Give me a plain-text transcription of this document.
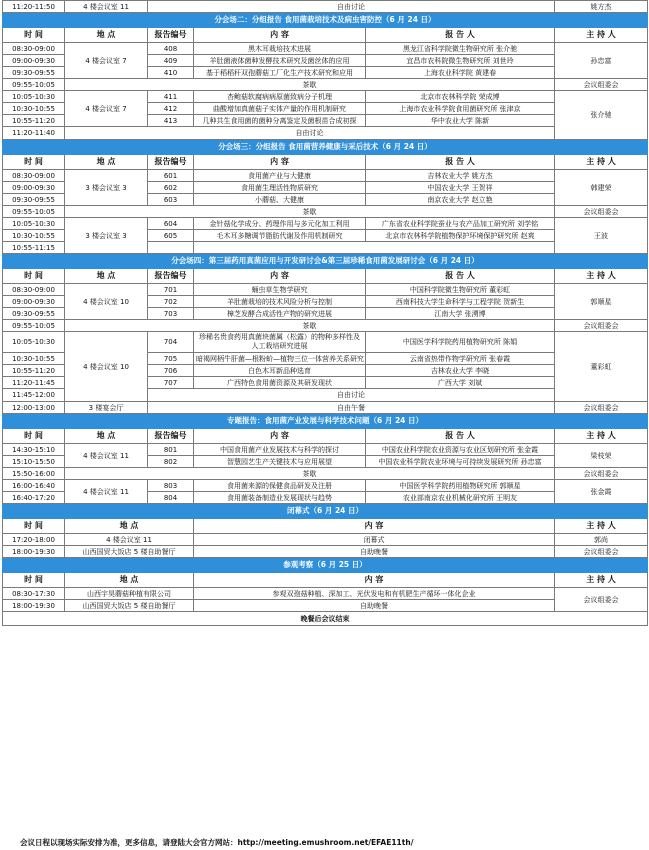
11:20-11:50	4 楼会议室 11	自由讨论			姚方杰
分会场二：分组报告 食用菌栽培技术及病虫害防控（6 月 24 日）					
时 间	地 点	报告编号	内 容	报 告 人	主 持 人
08:30-09:00	4 楼会议室 7	408	黑木耳栽培技术进展	黑龙江省科学院微生物研究所 张介驰	孙忠富
09:00-09:30		409	羊肚菌液体菌种发酵技术研究及菌丝体的应用	宜昌市农科院微生物研究所 刘世玲	
09:30-09:55		410	基于稻稻秆双孢蘑菇工厂化生产技术研究和应用	上海农业科学院 黄建春	
09:55-10:05	茶歇				会议组委会
10:05-10:30	4 楼会议室 7	411	杏鲍菇软腐病病原菌致病分子机理	北京市农林科学院 荣成博	张介驰
10:30-10:55		412	曲酸增加真菌菇子实体产量的作用机制研究	上海市农业科学院食用菌研究所 张津京	
10:55-11:20		413	几种共生食用菌的菌种分离鉴定及菌根苗合成初探	华中农业大学 陈新	
11:20-11:40	自由讨论				
分会场三：分组报告 食用菌营养健康与采后技术（6 月 24 日）					
时 间	地 点	报告编号	内 容	报 告 人	主 持 人
08:30-09:00	3 楼会议室 3	601	食用菌产业与大健康	吉林农业大学 姚方杰	韩建荣
09:00-09:30		602	食用菌生理活性物质研究	中国农业大学 王贺祥	
09:30-09:55		603	小蘑菇、大健康	南京农业大学 赵立艳	
09:55-10:05	茶歇				会议组委会
10:05-10:30	3 楼会议室 3	604	金针菇化学成分、药理作用与多元化加工利用	广东省农业科学院蚕业与农产品加工研究所 刘学铭	王波
10:30-10:55		605	毛木耳多糖调节脂肪代谢及作用机制研究	北京市农林科学院植物保护环境保护研究所 赵爽	
10:55-11:15					
分会场四：第三届药用真菌应用与开发研讨会&第三届珍稀食用菌发展研讨会（6 月 24 日）					
时 间	地 点	报告编号	内 容	报 告 人	主 持 人
08:30-09:00	4 楼会议室 10	701	蛹虫草生物学研究	中国科学院微生物研究所 董彩虹	郭顺星
09:00-09:30		702	羊肚菌栽培的技术风险分析与控制	西南科技大学生命科学与工程学院 贺新生	
09:30-09:55		703	樟芝发酵合成活性产物的研究进展	江南大学 张湧博	
09:55-10:05	茶歇				会议组委会
10:05-10:30	4 楼会议室 10	704	珍稀名贵食药用真菌块菌属（松露）的物种多样性及人工栽培研究进展	中国医学科学院药用植物研究所 陈娟	董彩虹
10:30-10:55		705	暗褐网柄牛肝菌—根粉蚧—植物三位一体营养关系研究	云南省热带作物学研究所 张春霞	
10:55-11:20		706	白色木耳新品种选育	吉林农业大学 李晓	
11:20-11:45		707	广西特色食用菌资源及其研发现状	广西大学 刘斌	
11:45-12:00		自由讨论			
12:00-13:00	3 楼宴会厅	自由午餐			会议组委会
专题报告：食用菌产业发展与科学技术问题（6 月 24 日）					
时 间	地 点	报告编号	内 容	报 告 人	主 持 人
14:30-15:10	4 楼会议室 11	801	中国食用菌产业发展技术与科学的探讨	中国农业科学院农业资源与农业区划研究所 张金霞	梁枝荣
15:10-15:50		802	智慧园艺生产关键技术与应用展望	中国农业科学院农业环境与可持续发展研究所 孙忠富	
15:50-16:00	茶歇				会议组委会
16:00-16:40	4 楼会议室 11	803	食用菌来源的保健食品研发及注册	中国医学科学院药用植物研究所 郭顺星	张金霞
16:40-17:20		804	食用菌装备制造业发展现状与趋势	农业部南京农业机械化研究所 王明友	
闭幕式（6 月 24 日）					
时 间	地 点		内 容		主 持 人
17:20-18:00	4 楼会议室 11		闭幕式		郭尚
18:00-19:30	山西国贸大饭店 5 楼自助餐厅		自助晚餐		会议组委会
参观考察（6 月 25 日）					
时 间	地 点		内 容		主 持 人
08:30-17:30	山西宇昊蘑菇种植有限公司		参观双孢菇种植、深加工、光伏发电和有机肥生产循环一体化企业		会议组委会
18:00-19:30	山西国贸大饭店 5 楼自助餐厅		自助晚餐		
晚餐后会议结束					
会议日程以现场实际安排为准，更多信息，请登陆大会官方网站：http://meeting.emushroom.net/EFAE11th/
